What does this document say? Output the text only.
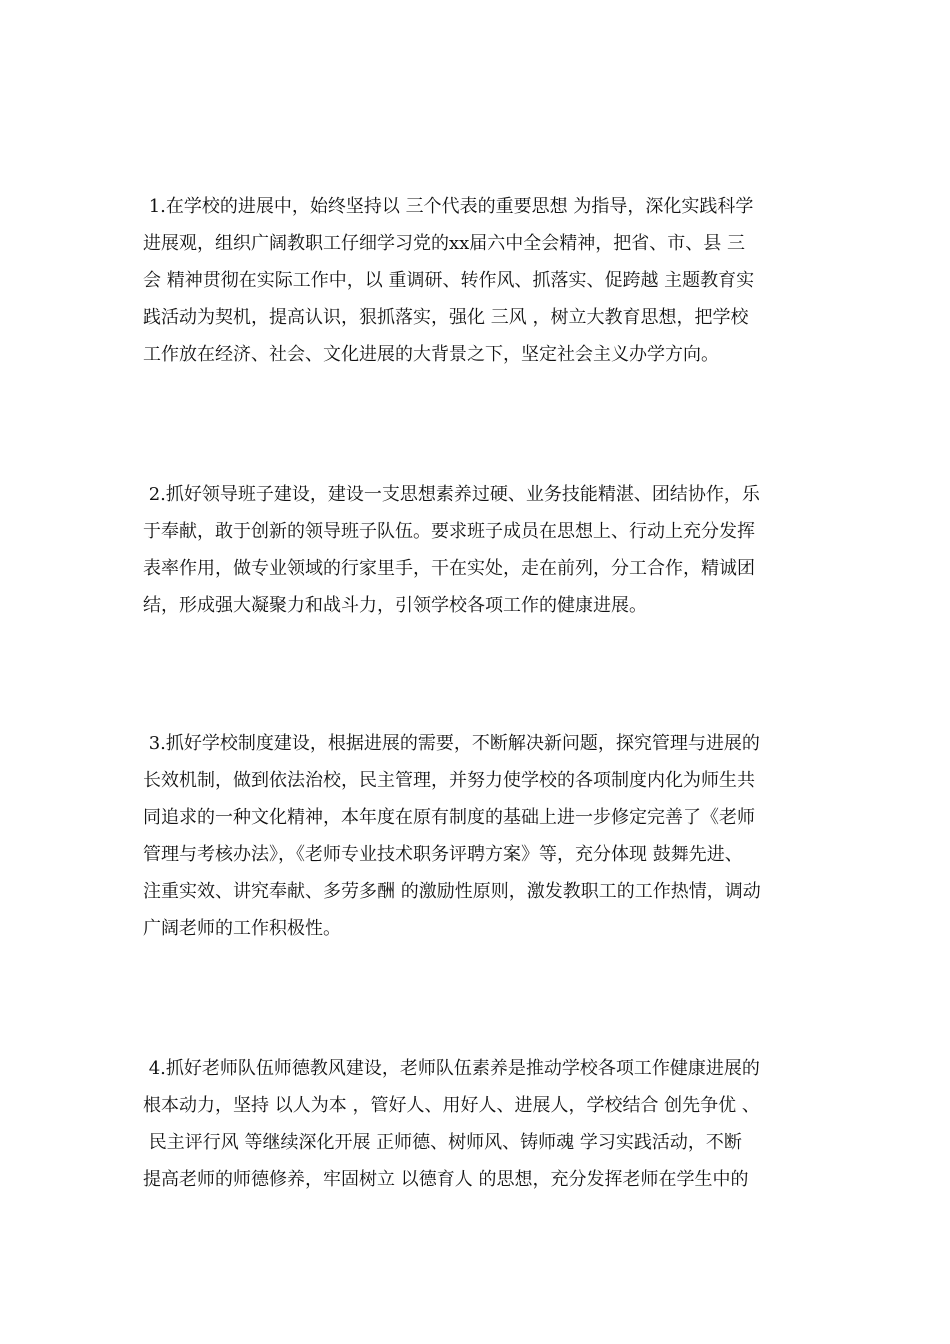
1.在学校的进展中，始终坚持以 三个代表的重要思想 为指导，深化实践科学
进展观，组织广阔教职工仔细学习党的xx届六中全会精神，把省、市、县 三
会 精神贯彻在实际工作中，以 重调研、转作风、抓落实、促跨越 主题教育实
践活动为契机，提高认识，狠抓落实，强化 三风 ，树立大教育思想，把学校
工作放在经济、社会、文化进展的大背景之下，坚定社会主义办学方向。
2.抓好领导班子建设，建设一支思想素养过硬、业务技能精湛、团结协作，乐
于奉献，敢于创新的领导班子队伍。要求班子成员在思想上、行动上充分发挥
表率作用，做专业领域的行家里手，干在实处，走在前列，分工合作，精诚团
结，形成强大凝聚力和战斗力，引领学校各项工作的健康进展。
3.抓好学校制度建设，根据进展的需要，不断解决新问题，探究管理与进展的
长效机制，做到依法治校，民主管理，并努力使学校的各项制度内化为师生共
同追求的一种文化精神，本年度在原有制度的基础上进一步修定完善了《老师
管理与考核办法》，《老师专业技术职务评聘方案》等，充分体现 鼓舞先进、
注重实效、讲究奉献、多劳多酬 的激励性原则，激发教职工的工作热情，调动
广阔老师的工作积极性。
4.抓好老师队伍师德教风建设，老师队伍素养是推动学校各项工作健康进展的
根本动力，坚持 以人为本 ，管好人、用好人、进展人，学校结合 创先争优 、
民主评行风 等继续深化开展 正师德、树师风、铸师魂 学习实践活动，不断
提高老师的师德修养，牢固树立 以德育人 的思想，充分发挥老师在学生中的
